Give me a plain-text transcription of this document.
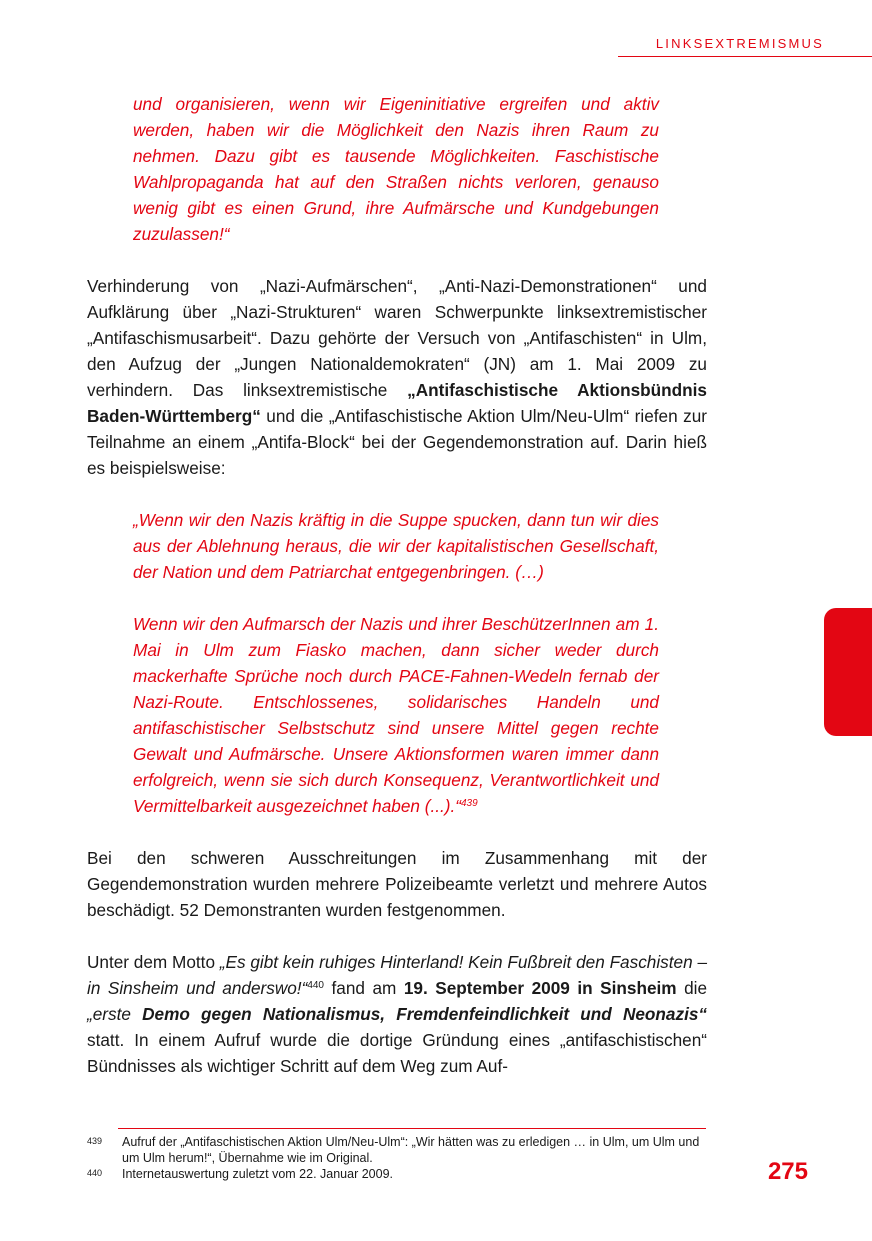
LINKSEXTREMISMUS

und organisieren, wenn wir Eigeninitiative ergreifen und aktiv werden, haben wir die Möglichkeit den Nazis ihren Raum zu nehmen. Dazu gibt es tausende Möglichkeiten. Faschistische Wahlpropaganda hat auf den Straßen nichts verloren, genauso wenig gibt es einen Grund, ihre Aufmärsche und Kundgebungen zuzulassen!“

Verhinderung von „Nazi-Aufmärschen“, „Anti-Nazi-Demonstrationen“ und Aufklärung über „Nazi-Strukturen“ waren Schwerpunkte linksextremistischer „Antifaschismusarbeit“. Dazu gehörte der Versuch von „Antifaschisten“ in Ulm, den Aufzug der „Jungen Nationaldemokraten“ (JN) am 1. Mai 2009 zu verhindern. Das linksextremistische „Antifaschistische Aktionsbündnis Baden-Württemberg“ und die „Antifaschistische Aktion Ulm/Neu-Ulm“ riefen zur Teilnahme an einem „Antifa-Block“ bei der Gegendemonstration auf. Darin hieß es beispielsweise:

„Wenn wir den Nazis kräftig in die Suppe spucken, dann tun wir dies aus der Ablehnung heraus, die wir der kapitalistischen Gesellschaft, der Nation und dem Patriarchat entgegenbringen. (…)

Wenn wir den Aufmarsch der Nazis und ihrer BeschützerInnen am 1. Mai in Ulm zum Fiasko machen, dann sicher weder durch mackerhafte Sprüche noch durch PACE-Fahnen-Wedeln fernab der Nazi-Route. Entschlossenes, solidarisches Handeln und antifaschistischer Selbstschutz sind unsere Mittel gegen rechte Gewalt und Aufmärsche. Unsere Aktionsformen waren immer dann erfolgreich, wenn sie sich durch Konsequenz, Verantwortlichkeit und Vermittelbarkeit ausgezeichnet haben (...).“$^{439}$

Bei den schweren Ausschreitungen im Zusammenhang mit der Gegendemonstration wurden mehrere Polizeibeamte verletzt und mehrere Autos beschädigt. 52 Demonstranten wurden festgenommen.

Unter dem Motto „Es gibt kein ruhiges Hinterland! Kein Fußbreit den Faschisten – in Sinsheim und anderswo!“$^{440}$ fand am 19. September 2009 in Sinsheim die „erste Demo gegen Nationalismus, Fremdenfeindlichkeit und Neonazis“ statt. In einem Aufruf wurde die dortige Gründung eines „antifaschistischen“ Bündnisses als wichtiger Schritt auf dem Weg zum Auf-

439	Aufruf der „Antifaschistischen Aktion Ulm/Neu-Ulm“: „Wir hätten was zu erledigen … in Ulm, um Ulm und um Ulm herum!“, Übernahme wie im Original.
440	Internetauswertung zuletzt vom 22. Januar 2009.	275
